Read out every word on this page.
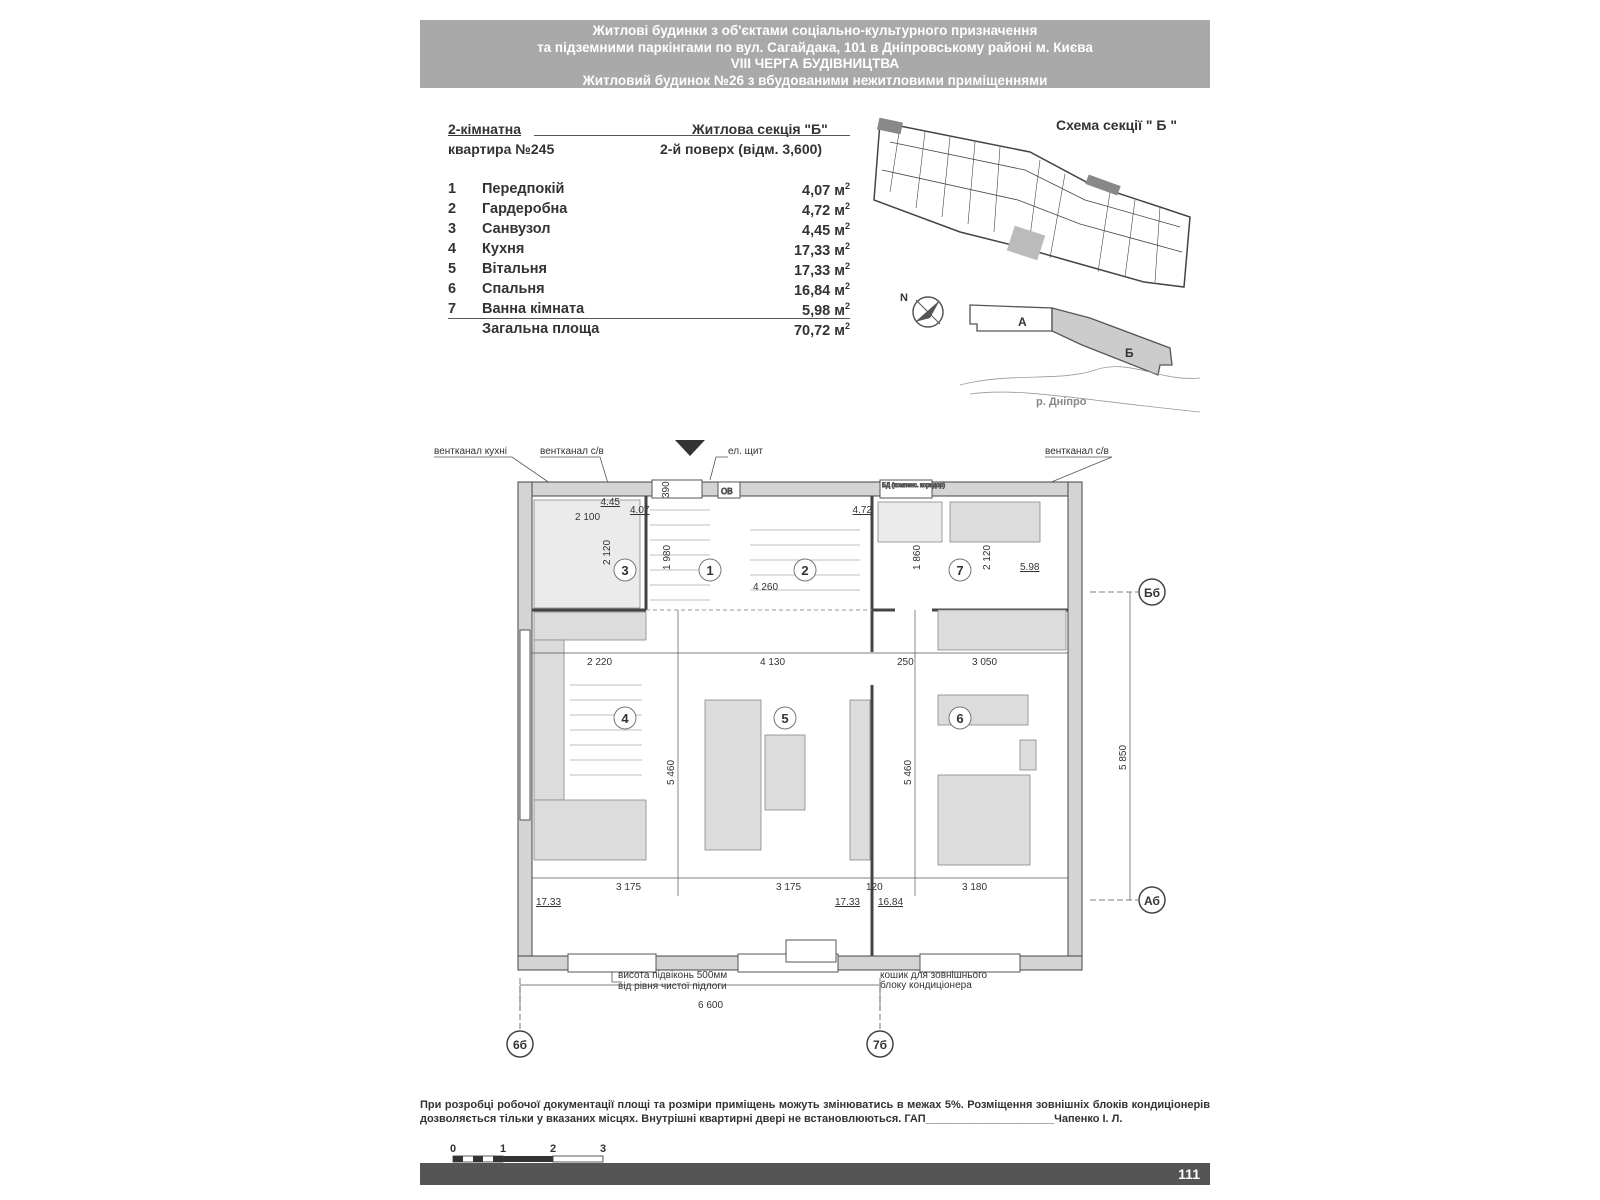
Житлові будинки з об'єктами соціально-культурного призначення
та підземними паркінгами по вул. Сагайдака, 101 в Дніпровському районі м. Києва
VIII ЧЕРГА БУДІВНИЦТВА
Житловий будинок №26 з вбудованими нежитловими приміщеннями
2-кімнатна	Житлова секція "Б"
квартира №245	2-й поверх (відм. 3,600)
1 Передпокій	4,07 $м^2$
2 Гардеробна	4,72 $м^2$
3 Санвузол	4,45 $м^2$
4 Кухня	17,33 $м^2$
5 Вітальня	17,33 $м^2$
6 Спальня	16,84 $м^2$
7 Ванна кімната	5,98 $м^2$
Загальна площа	70,72 $м^2$
Схема секції " Б "
N
А
Б
р. Дніпро
вентканал кухні	вентканал с/в	ел. щит	вентканал с/в
ОВ
БД (компенс. коридор)
390
2 100
2 120	1 980
4 260
1 860	2 120
2 220	4 130	250	3 050
5 460	5 460
5 850
3 175	3 175	120	3 180
6 600
4.07	4.72
4.45
17.33	17.33 16.84
5.98
1	2
3
4	5	6
7
Бб
Аб
6б	7б
висота підвіконь 500мм
від рівня чистої підлоги
кошик для зовнішнього
блоку кондиціонера
При розробці робочої документації площі та розміри приміщень можуть змінюватись в межах 5%. Розміщення зовнішніх блоків кондиціонерів дозволяється тільки у вказаних місцях. Внутрішні квартирні двері не встановлюються. ГАП_____________________Чапенко І. Л.
0	1	2	3
111
